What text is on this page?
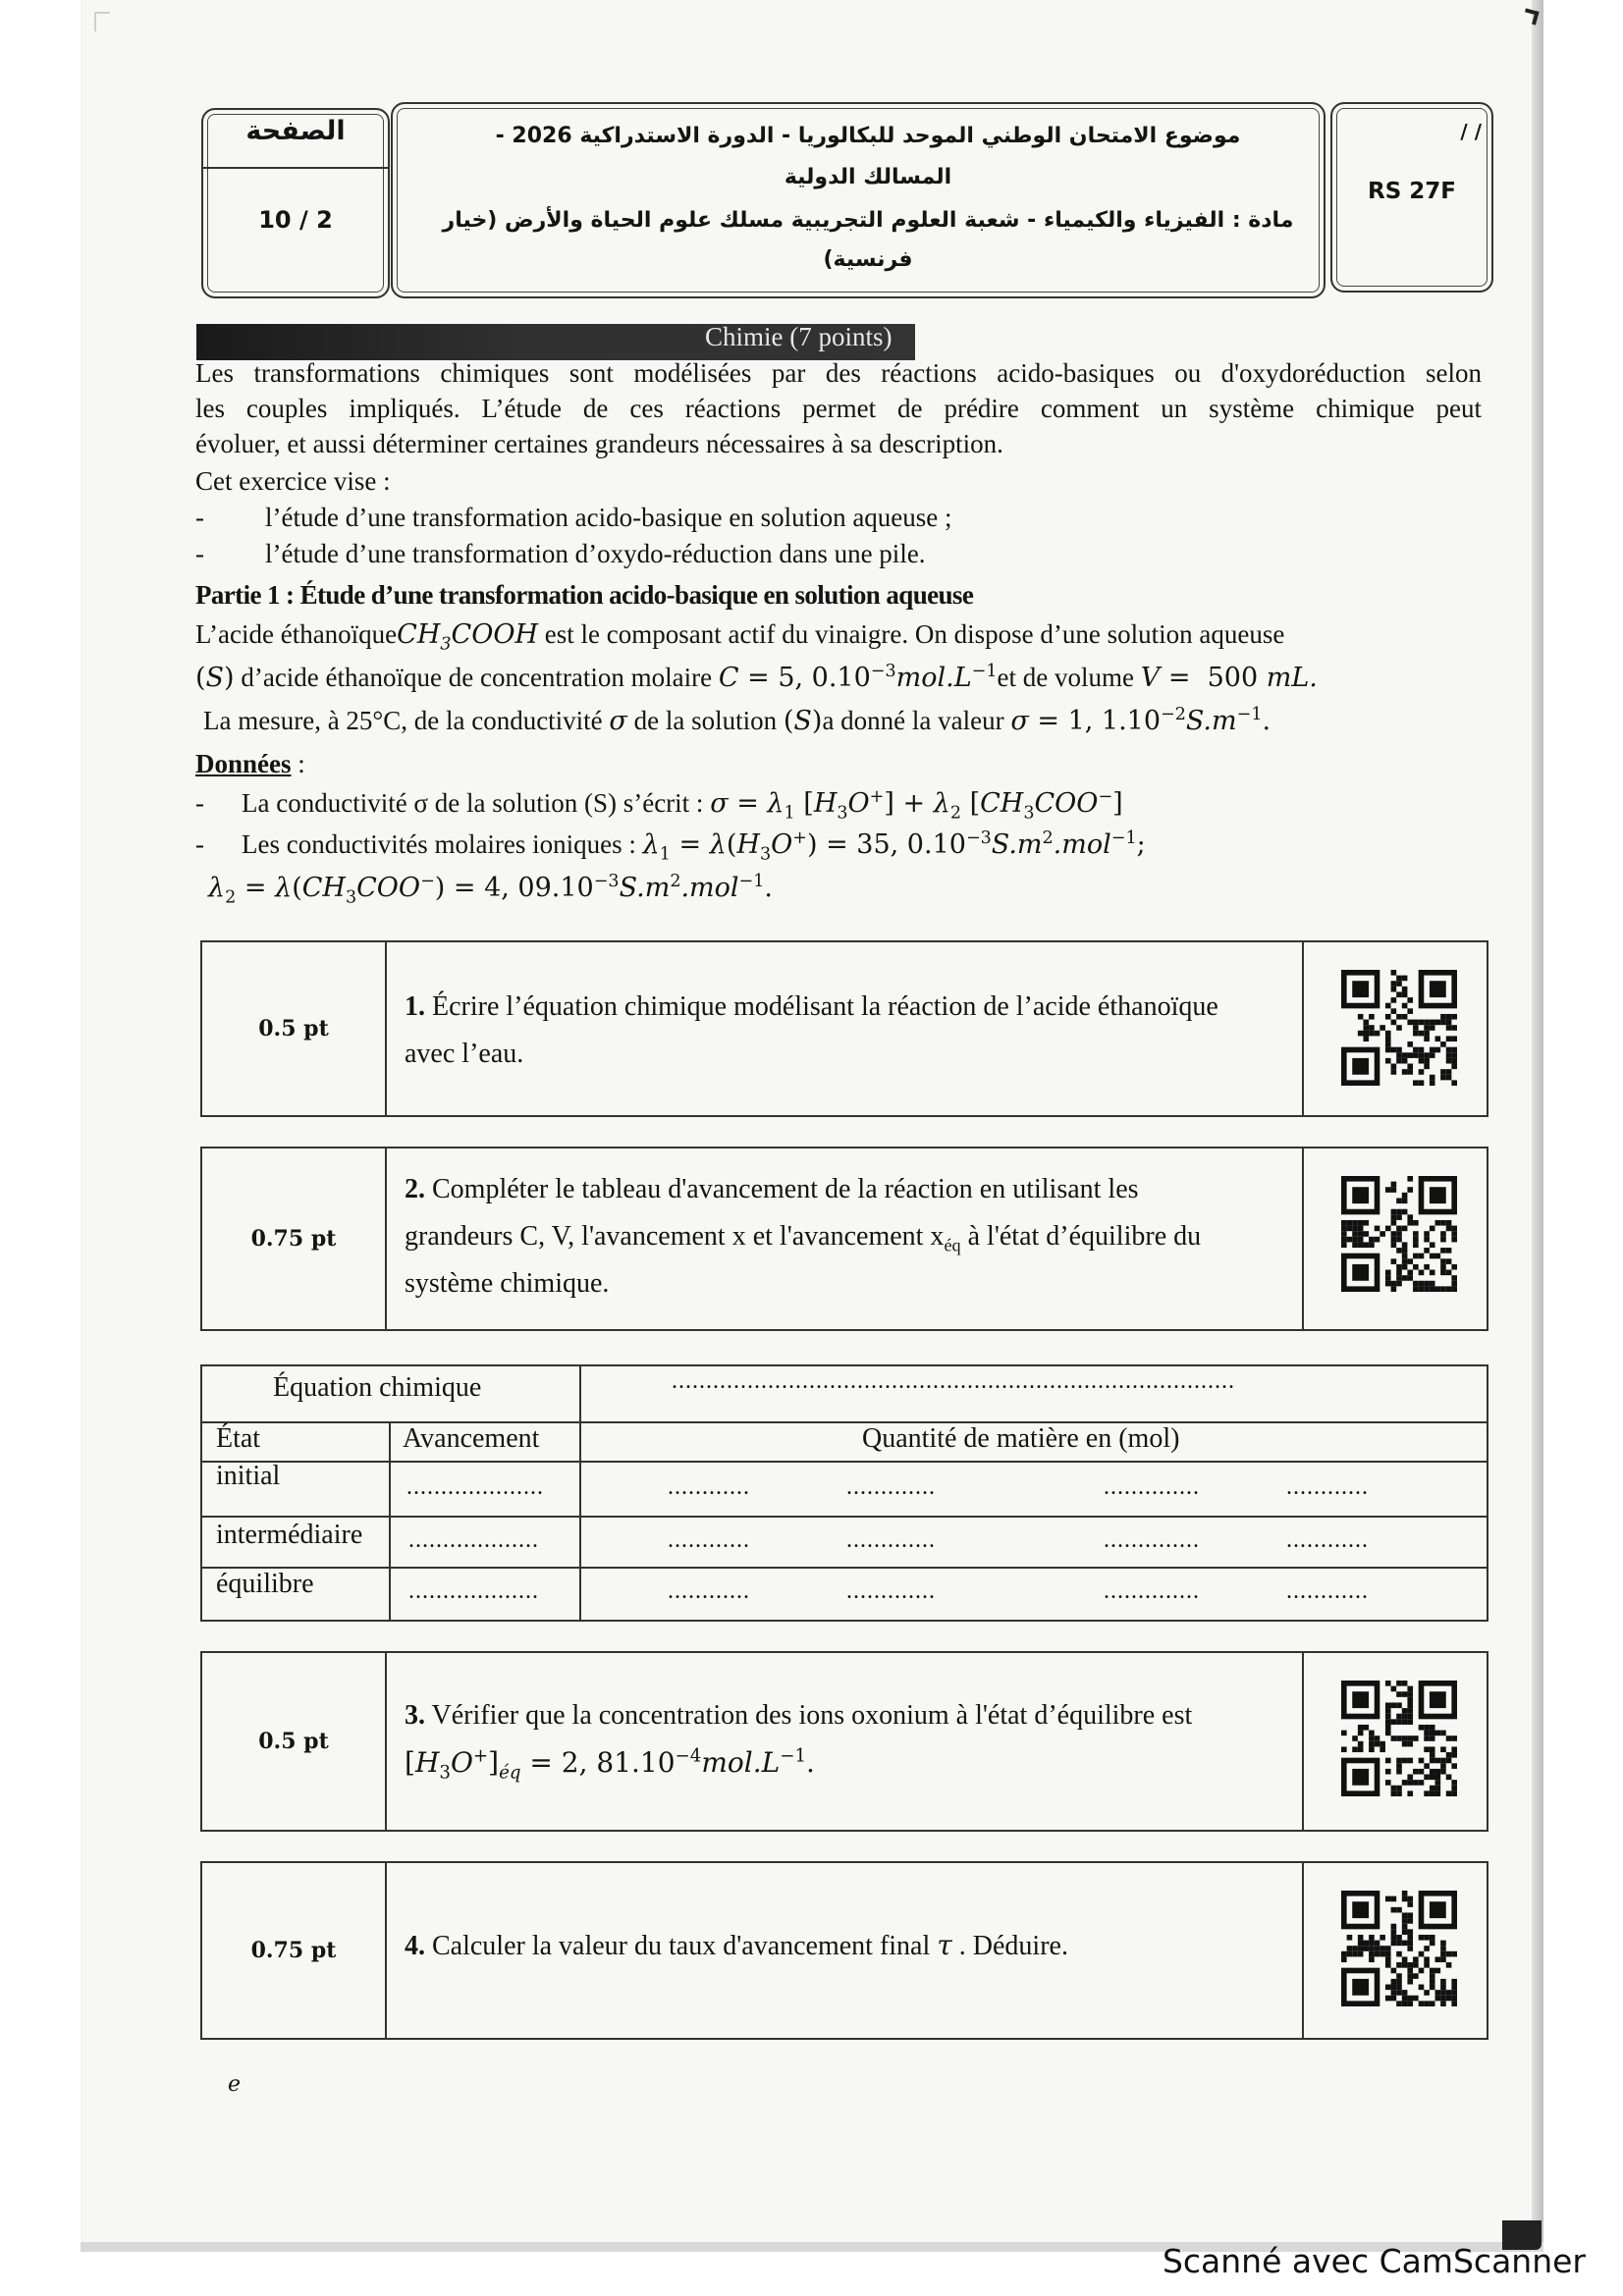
الصفحة
10 / 2
موضوع الامتحان الوطني الموحد للبكالوريا - الدورة الاستدراكية 2026 -
المسالك الدولية
مادة : الفيزياء والكيمياء - شعبة العلوم التجريبية مسلك علوم الحياة والأرض (خيار
فرنسية)
/ /
RS 27F
Chimie (7 points)
Les transformations chimiques sont modélisées par des réactions acido-basiques ou d'oxydoréduction selon
les couples impliqués. L’étude de ces réactions permet de prédire comment un système chimique peut
évoluer, et aussi déterminer certaines grandeurs nécessaires à sa description.
Cet exercice vise :
- l’étude d’une transformation acido-basique en solution aqueuse ;
- l’étude d’une transformation d’oxydo-réduction dans une pile.
Partie 1 : Étude d’une transformation acido-basique en solution aqueuse
L’acide éthanoïqueCH$_3$COOH est le composant actif du vinaigre. On dispose d’une solution aqueuse
(S) d’acide éthanoïque de concentration molaire C = 5, $0.10^{-3}mol.L^{-1}et$ de volume V =  500 mL.
La mesure, à 25°C, de la conductivité σ de la solution (S)a donné la valeur σ = 1, $1.10^{-2}S.m^{-1}$.
Données :
- La conductivité σ de la solution (S) s’écrit : $\sigma = \lambda_1$ $[H_3O^+] + \lambda_2$ $[CH_3COO^-]$
- Les conductivités molaires ioniques : $\lambda_1 = \lambda(H_3O^+) = 35$, $0.10^{-3}S.m^2.mol^{-1}$;
$\lambda_2 = \lambda(CH_3COO^-) = 4$, $09.10^{-3}S.m^2.mol^{-1}$.
0.5 pt
1. Écrire l’équation chimique modélisant la réaction de l’acide éthanoïque
avec l’eau.
0.75 pt
2. Compléter le tableau d'avancement de la réaction en utilisant les
grandeurs C, V, l'avancement x et l'avancement $x_{éq}$ à l'état d’équilibre du
système chimique.
Équation chimique	..................................................................................
État	Avancement	Quantité de matière en (mol)
initial	....................	............	.............	..............	............
intermédiaire ...................	............	.............	..............	............
équilibre	...................	............	.............	..............	............
0.5 pt
3. Vérifier que la concentration des ions oxonium à l'état d’équilibre est
$[H_3O^+]_{éq} = 2$, $81.10^{-4}mol.L^{-1}$.
0.75 pt	4. Calculer la valeur du taux d'avancement final τ . Déduire.
ℯ
Scanné avec CamScanner
